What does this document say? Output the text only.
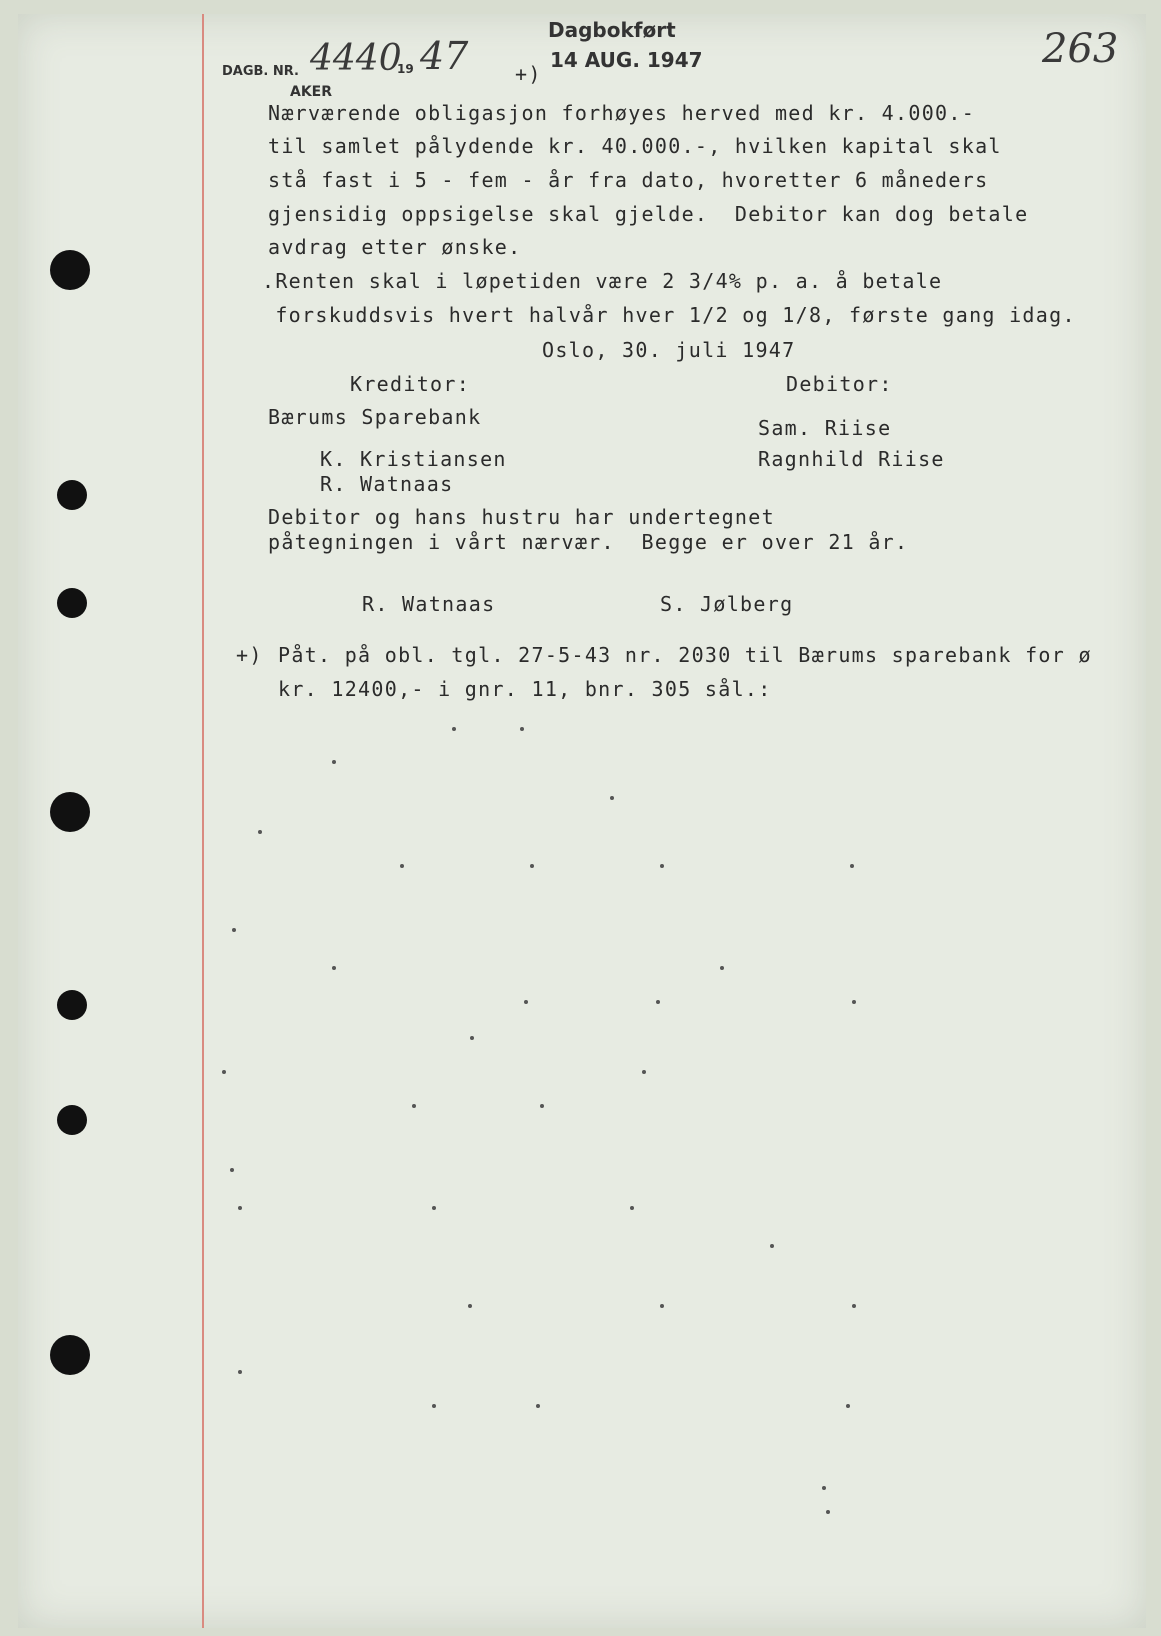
DAGB. NR.
AKER
4440
19 47 +)
Dagbokført
14 AUG. 1947	263
Nærværende obligasjon forhøyes herved med kr. 4.000.-
til samlet pålydende kr. 40.000.-, hvilken kapital skal
stå fast i 5 - fem - år fra dato, hvoretter 6 måneders
gjensidig oppsigelse skal gjelde.  Debitor kan dog betale
avdrag etter ønske.
.Renten skal i løpetiden være 2 3/4% p. a. å betale
forskuddsvis hvert halvår hver 1/2 og 1/8, første gang idag.
Oslo, 30. juli 1947
Kreditor:	Debitor:
Bærums Sparebank	Sam. Riise
K. Kristiansen	Ragnhild Riise
R. Watnaas
Debitor og hans hustru har undertegnet
påtegningen i vårt nærvær.  Begge er over 21 år.
R. Watnaas	S. Jølberg
+) Påt. på obl. tgl. 27-5-43 nr. 2030 til Bærums sparebank for ø
kr. 12400,- i gnr. 11, bnr. 305 sål.:
